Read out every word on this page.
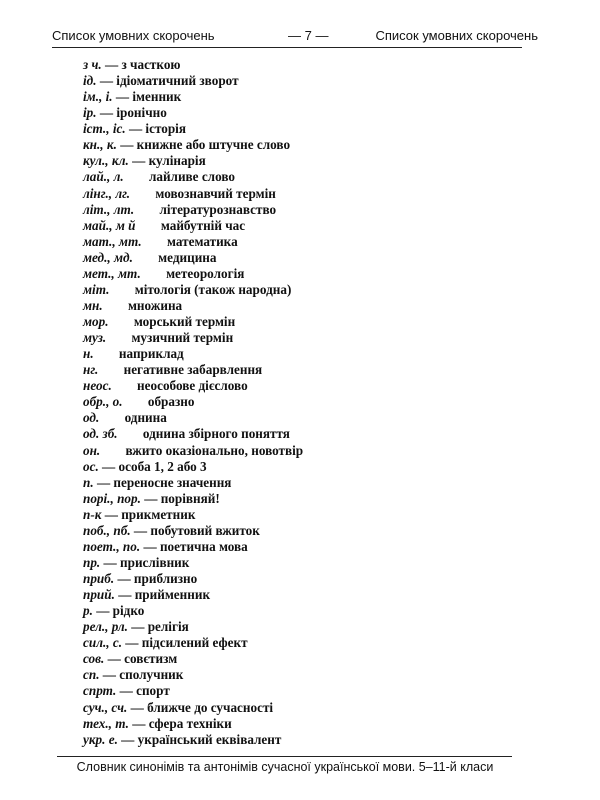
Список умовних скорочень	— 7 —	Список умовних скорочень
з ч. — з часткою
ід. — ідіоматичний зворот
ім., і. — іменник
ір. — іронічно
іст., іс. — історія
кн., к. — книжне або штучне слово
кул., кл. — кулінарія
лай., л. лайливе слово
лінг., лг. мовознавчий термін
літ., лт. літературознавство
май., м й майбутній час
мат., мт. математика
мед., мд. медицина
мет., мт. метеорологія
міт. мітологія (також народна)
мн. множина
мор. морський термін
муз. музичний термін
н. наприклад
нг. негативне забарвлення
неос. неособове дієслово
обр., о. образно
од. однина
од. зб. однина збірного поняття
он. вжито оказіонально, новотвір
ос. — особа 1, 2 або 3
п. — переносне значення
порі., пор. — порівняй!
п-к — прикметник
поб., пб. — побутовий вжиток
поет., по. — поетична мова
пр. — прислівник
приб. — приблизно
прий. — прийменник
р. — рідко
рел., рл. — релігія
сил., с. — підсилений ефект
сов. — совєтизм
сп. — сполучник
спрт. — спорт
суч., сч. — ближче до сучасності
тех., т. — сфера техніки
укр. е. — український еквівалент
Словник синонімів та антонімів сучасної української мови. 5–11-й класи
